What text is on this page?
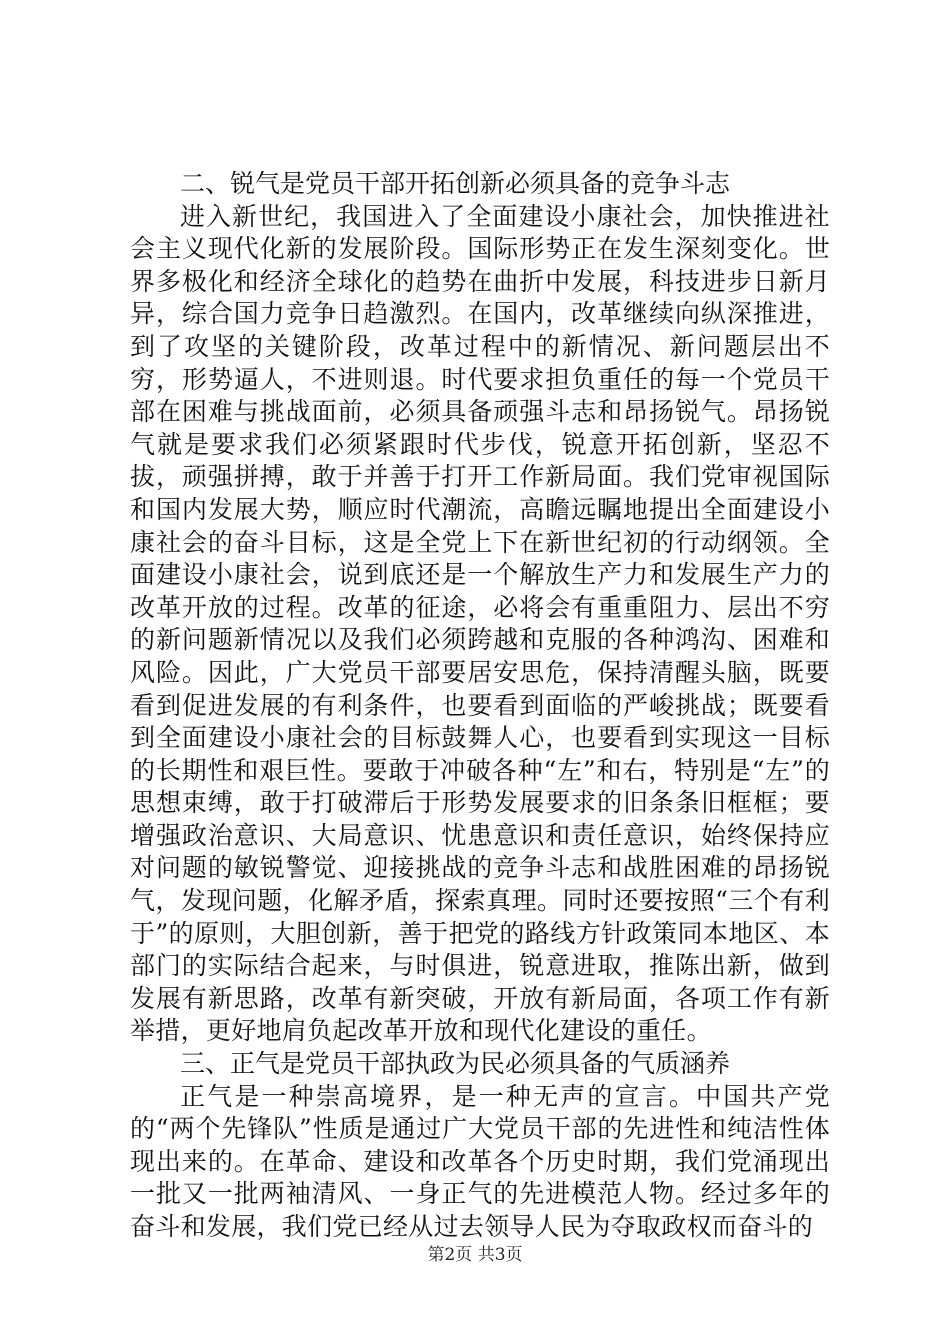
二、锐气是党员干部开拓创新必须具备的竞争斗志

进入新世纪，我国进入了全面建设小康社会，加快推进社会主义现代化新的发展阶段。国际形势正在发生深刻变化。世界多极化和经济全球化的趋势在曲折中发展，科技进步日新月异，综合国力竞争日趋激烈。在国内，改革继续向纵深推进，到了攻坚的关键阶段，改革过程中的新情况、新问题层出不穷，形势逼人，不进则退。时代要求担负重任的每一个党员干部在困难与挑战面前，必须具备顽强斗志和昂扬锐气。昂扬锐气就是要求我们必须紧跟时代步伐，锐意开拓创新，坚忍不拔，顽强拼搏，敢于并善于打开工作新局面。我们党审视国际和国内发展大势，顺应时代潮流，高瞻远瞩地提出全面建设小康社会的奋斗目标，这是全党上下在新世纪初的行动纲领。全面建设小康社会，说到底还是一个解放生产力和发展生产力的改革开放的过程。改革的征途，必将会有重重阻力、层出不穷的新问题新情况以及我们必须跨越和克服的各种鸿沟、困难和风险。因此，广大党员干部要居安思危，保持清醒头脑，既要看到促进发展的有利条件，也要看到面临的严峻挑战；既要看到全面建设小康社会的目标鼓舞人心，也要看到实现这一目标的长期性和艰巨性。要敢于冲破各种“左”和右，特别是“左”的思想束缚，敢于打破滞后于形势发展要求的旧条条旧框框；要增强政治意识、大局意识、忧患意识和责任意识，始终保持应对问题的敏锐警觉、迎接挑战的竞争斗志和战胜困难的昂扬锐气，发现问题，化解矛盾，探索真理。同时还要按照“三个有利于”的原则，大胆创新，善于把党的路线方针政策同本地区、本部门的实际结合起来，与时俱进，锐意进取，推陈出新，做到发展有新思路，改革有新突破，开放有新局面，各项工作有新举措，更好地肩负起改革开放和现代化建设的重任。

三、正气是党员干部执政为民必须具备的气质涵养

正气是一种崇高境界，是一种无声的宣言。中国共产党的“两个先锋队”性质是通过广大党员干部的先进性和纯洁性体现出来的。在革命、建设和改革各个历史时期，我们党涌现出一批又一批两袖清风、一身正气的先进模范人物。经过多年的奋斗和发展，我们党已经从过去领导人民为夺取政权而奋斗的

第2页 共3页
